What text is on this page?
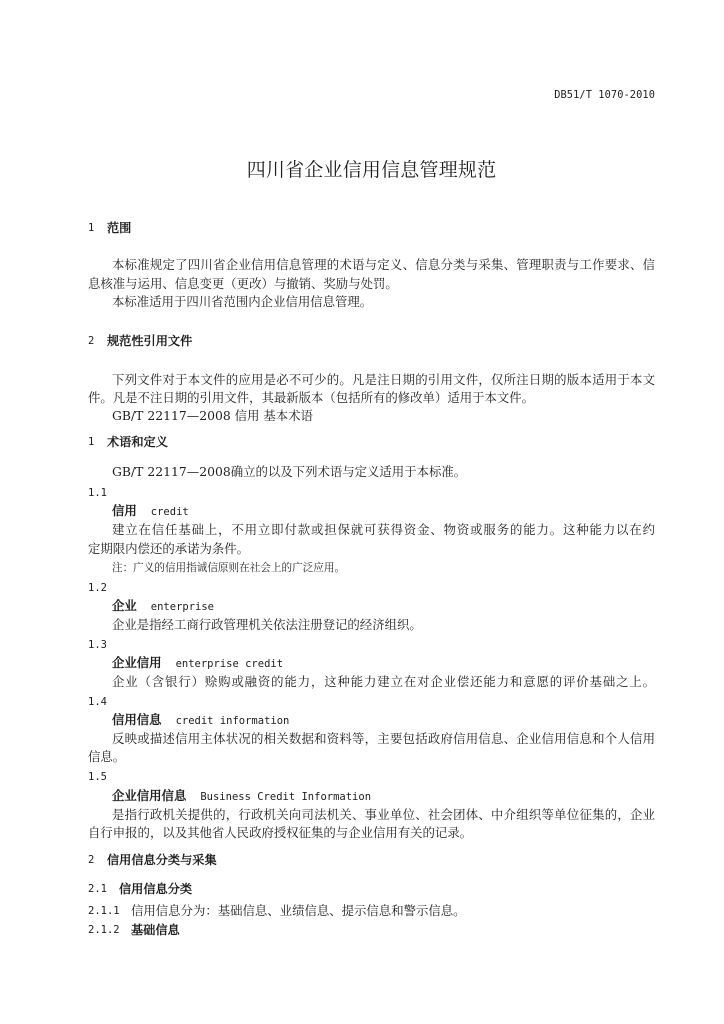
DB51/T 1070-2010
四川省企业信用信息管理规范
1 范围
本标准规定了四川省企业信用信息管理的术语与定义、信息分类与采集、管理职责与工作要求、信
息核准与运用、信息变更（更改）与撤销、奖励与处罚。
本标准适用于四川省范围内企业信用信息管理。
2 规范性引用文件
下列文件对于本文件的应用是必不可少的。凡是注日期的引用文件，仅所注日期的版本适用于本文
件。凡是不注日期的引用文件，其最新版本（包括所有的修改单）适用于本文件。
GB/T 22117—2008 信用 基本术语
1 术语和定义
GB/T 22117—2008确立的以及下列术语与定义适用于本标准。
1.1
信用 credit
建立在信任基础上，不用立即付款或担保就可获得资金、物资或服务的能力。这种能力以在约
定期限内偿还的承诺为条件。
注：广义的信用指诚信原则在社会上的广泛应用。
1.2
企业 enterprise
企业是指经工商行政管理机关依法注册登记的经济组织。
1.3
企业信用 enterprise credit
企业（含银行）赊购或融资的能力，这种能力建立在对企业偿还能力和意愿的评价基础之上。
1.4
信用信息 credit information
反映或描述信用主体状况的相关数据和资料等，主要包括政府信用信息、企业信用信息和个人信用
信息。
1.5
企业信用信息 Business Credit Information
是指行政机关提供的，行政机关向司法机关、事业单位、社会团体、中介组织等单位征集的，企业
自行申报的，以及其他省人民政府授权征集的与企业信用有关的记录。
2 信用信息分类与采集
2.1 信用信息分类
2.1.1 信用信息分为：基础信息、业绩信息、提示信息和警示信息。
2.1.2 基础信息
